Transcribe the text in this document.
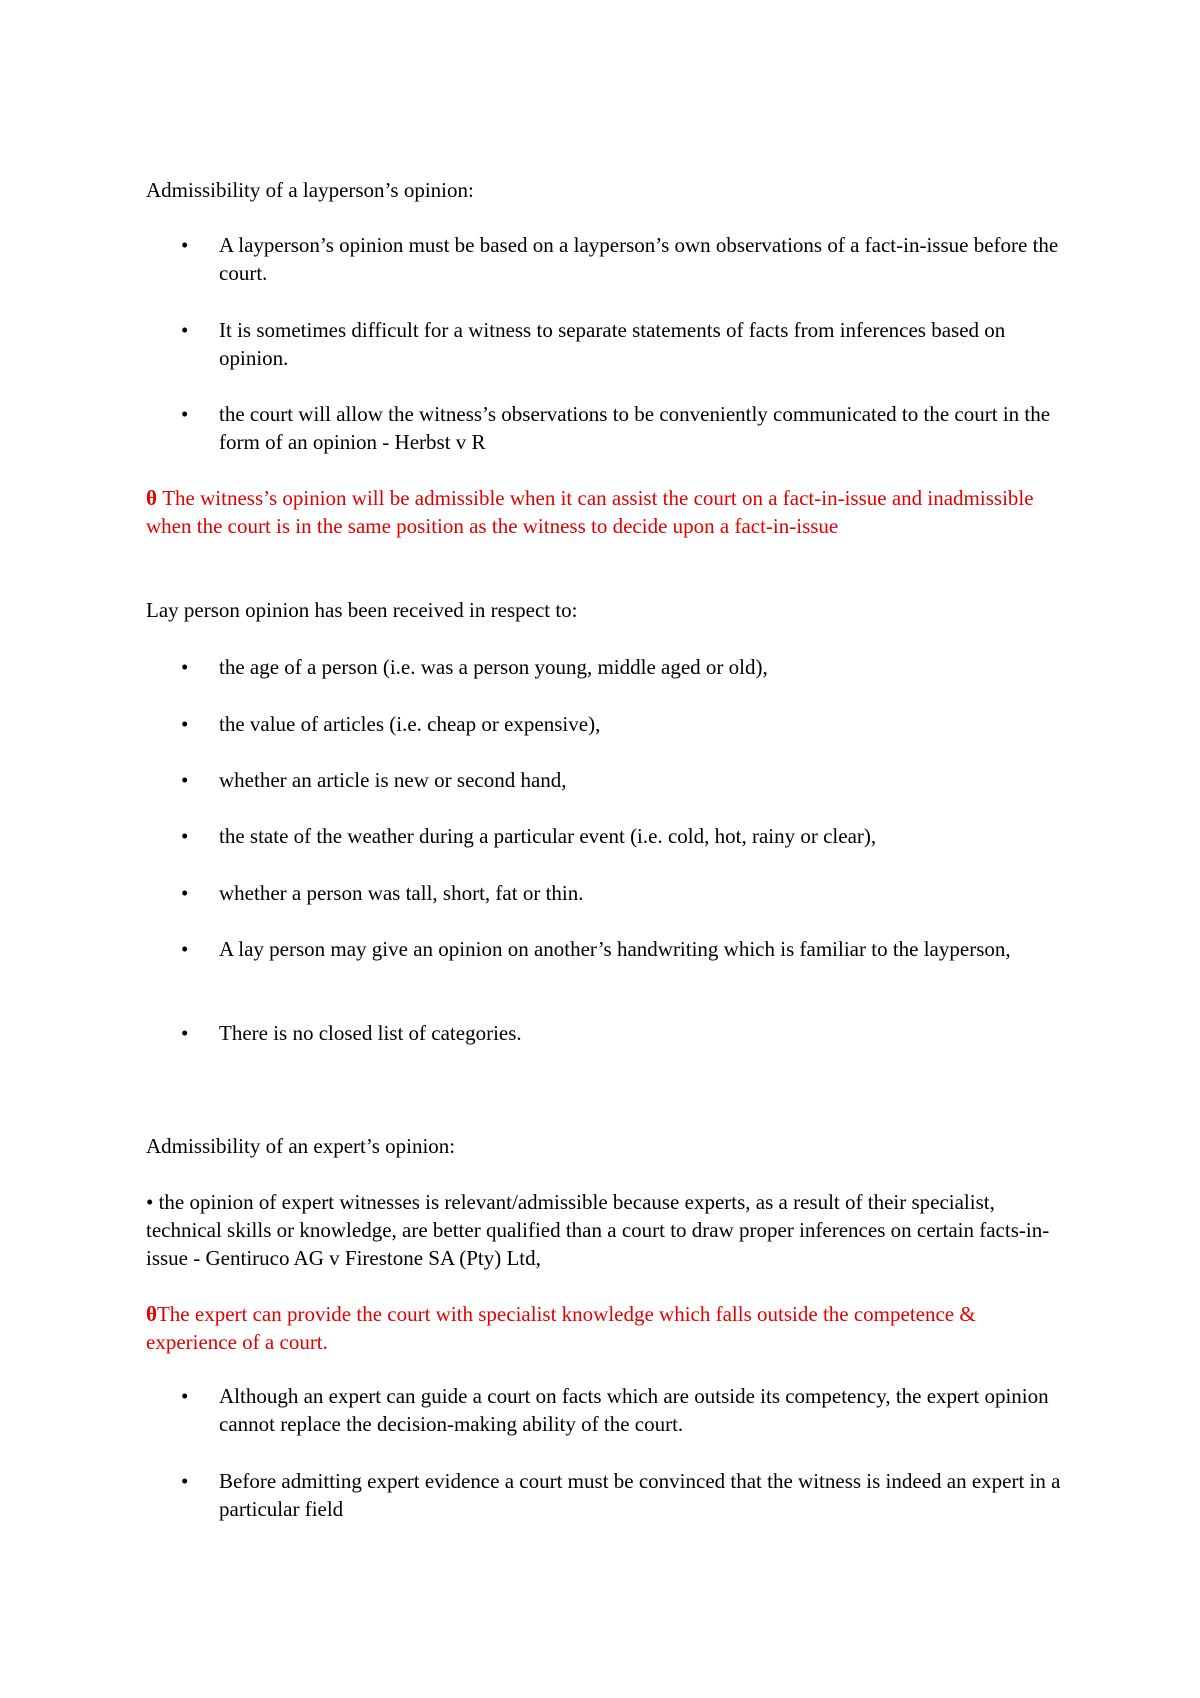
Admissibility of a layperson’s opinion:

• A layperson’s opinion must be based on a layperson’s own observations of a fact-in-issue before the court.
• It is sometimes difficult for a witness to separate statements of facts from inferences based on opinion.
• the court will allow the witness’s observations to be conveniently communicated to the court in the form of an opinion - Herbst v R

θ The witness’s opinion will be admissible when it can assist the court on a fact-in-issue and inadmissible when the court is in the same position as the witness to decide upon a fact-in-issue

Lay person opinion has been received in respect to:

• the age of a person (i.e. was a person young, middle aged or old),
• the value of articles (i.e. cheap or expensive),
• whether an article is new or second hand,
• the state of the weather during a particular event (i.e. cold, hot, rainy or clear),
• whether a person was tall, short, fat or thin.
• A lay person may give an opinion on another’s handwriting which is familiar to the layperson,
• There is no closed list of categories.

Admissibility of an expert’s opinion:

• the opinion of expert witnesses is relevant/admissible because experts, as a result of their specialist, technical skills or knowledge, are better qualified than a court to draw proper inferences on certain facts-in-issue - Gentiruco AG v Firestone SA (Pty) Ltd,

θThe expert can provide the court with specialist knowledge which falls outside the competence & experience of a court.

• Although an expert can guide a court on facts which are outside its competency, the expert opinion cannot replace the decision-making ability of the court.
• Before admitting expert evidence a court must be convinced that the witness is indeed an expert in a particular field
